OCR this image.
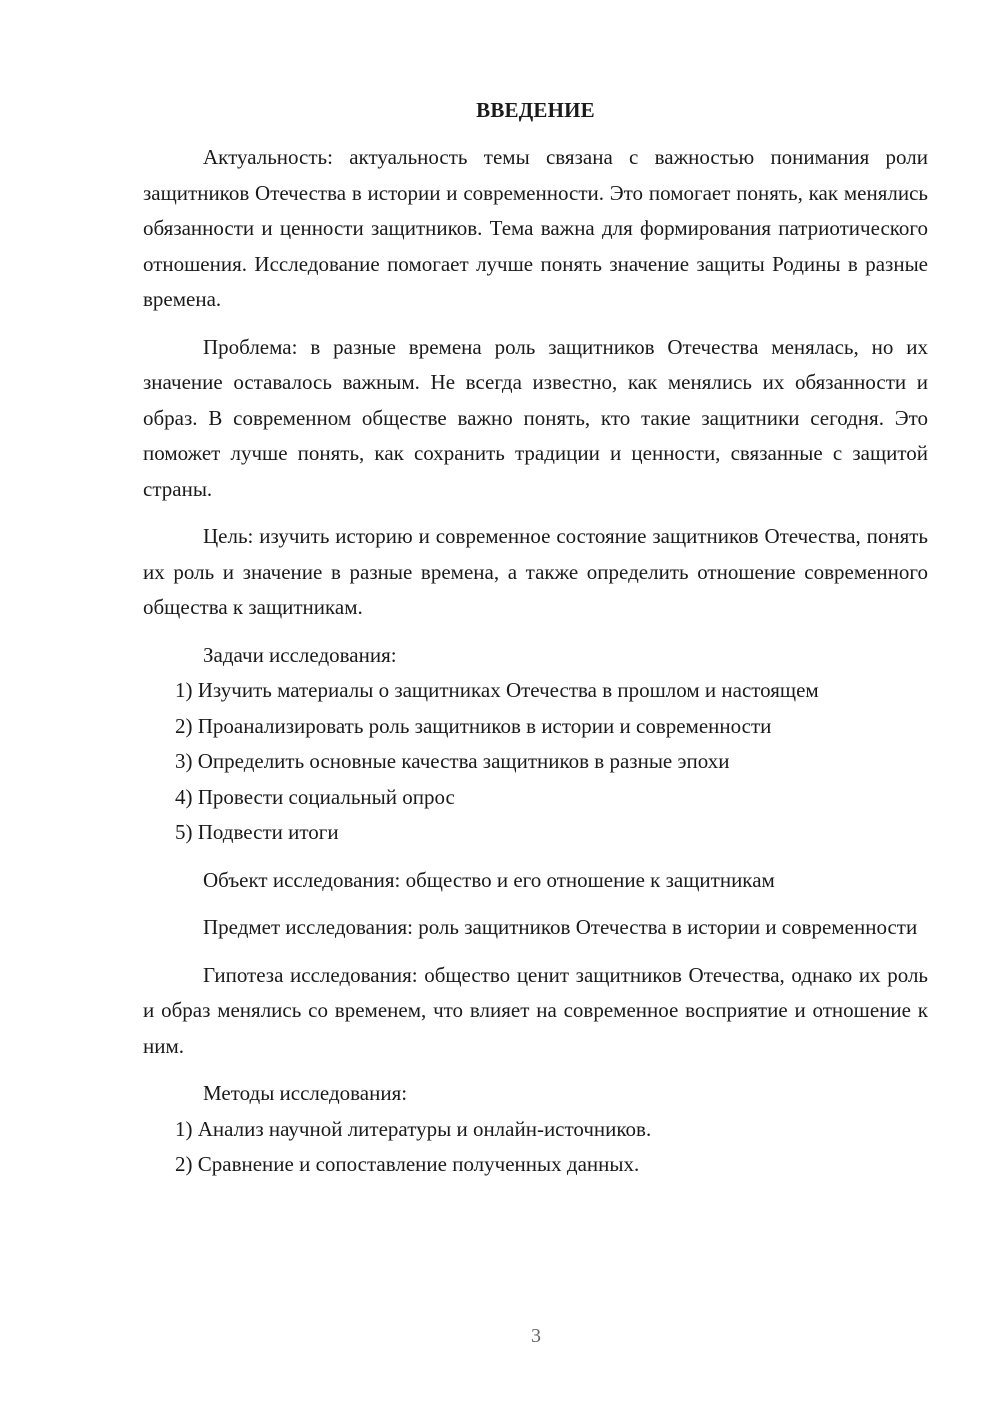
ВВЕДЕНИЕ

Актуальность: актуальность темы связана с важностью понимания роли защитников Отечества в истории и современности. Это помогает понять, как менялись обязанности и ценности защитников. Тема важна для формирования патриотического отношения. Исследование помогает лучше понять значение защиты Родины в разные времена.

Проблема: в разные времена роль защитников Отечества менялась, но их значение оставалось важным. Не всегда известно, как менялись их обязанности и образ. В современном обществе важно понять, кто такие защитники сегодня. Это поможет лучше понять, как сохранить традиции и ценности, связанные с защитой страны.

Цель: изучить историю и современное состояние защитников Отечества, понять их роль и значение в разные времена, а также определить отношение современного общества к защитникам.

Задачи исследования:

1) Изучить материалы о защитниках Отечества в прошлом и настоящем

2) Проанализировать роль защитников в истории и современности

3) Определить основные качества защитников в разные эпохи

4) Провести социальный опрос

5) Подвести итоги

Объект исследования: общество и его отношение к защитникам

Предмет исследования: роль защитников Отечества в истории и современности

Гипотеза исследования: общество ценит защитников Отечества, однако их роль и образ менялись со временем, что влияет на современное восприятие и отношение к ним.

Методы исследования:

1) Анализ научной литературы и онлайн-источников.

2) Сравнение и сопоставление полученных данных.

3
